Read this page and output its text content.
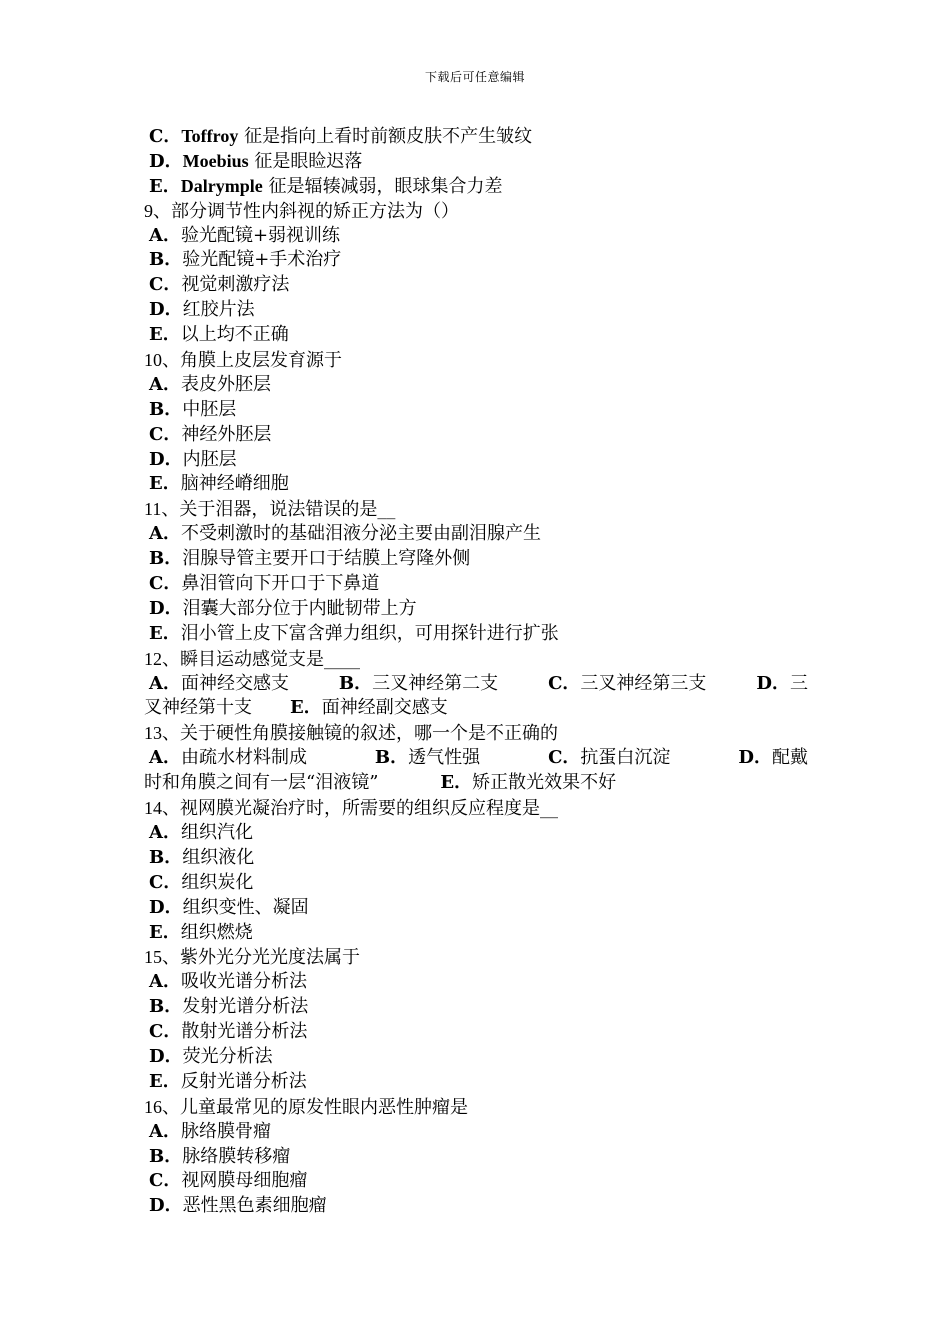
下载后可任意编辑
C．Toffroy 征是指向上看时前额皮肤不产生皱纹
D．Moebius 征是眼睑迟落
E．Dalrymple 征是辐辏减弱，眼球集合力差
9、部分调节性内斜视的矫正方法为（）
A．验光配镜+弱视训练
B．验光配镜+手术治疗
C．视觉刺激疗法
D．红胶片法
E．以上均不正确
10、角膜上皮层发育源于
A．表皮外胚层
B．中胚层
C．神经外胚层
D．内胚层
E．脑神经嵴细胞
11、关于泪器，说法错误的是__
A．不受刺激时的基础泪液分泌主要由副泪腺产生
B．泪腺导管主要开口于结膜上穹隆外侧
C．鼻泪管向下开口于下鼻道
D．泪囊大部分位于内眦韧带上方
E．泪小管上皮下富含弹力组织，可用探针进行扩张
12、瞬目运动感觉支是____
A．面神经交感支	B．三叉神经第二支	C．三叉神经第三支	D．三
叉神经第十支 E．面神经副交感支
13、关于硬性角膜接触镜的叙述，哪一个是不正确的
A．由疏水材料制成	B．透气性强	C．抗蛋白沉淀	D．配戴
时和角膜之间有一层“泪液镜”	E．矫正散光效果不好
14、视网膜光凝治疗时，所需要的组织反应程度是__
A．组织汽化
B．组织液化
C．组织炭化
D．组织变性、凝固
E．组织燃烧
15、紫外光分光光度法属于
A．吸收光谱分析法
B．发射光谱分析法
C．散射光谱分析法
D．荧光分析法
E．反射光谱分析法
16、儿童最常见的原发性眼内恶性肿瘤是
A．脉络膜骨瘤
B．脉络膜转移瘤
C．视网膜母细胞瘤
D．恶性黑色素细胞瘤
